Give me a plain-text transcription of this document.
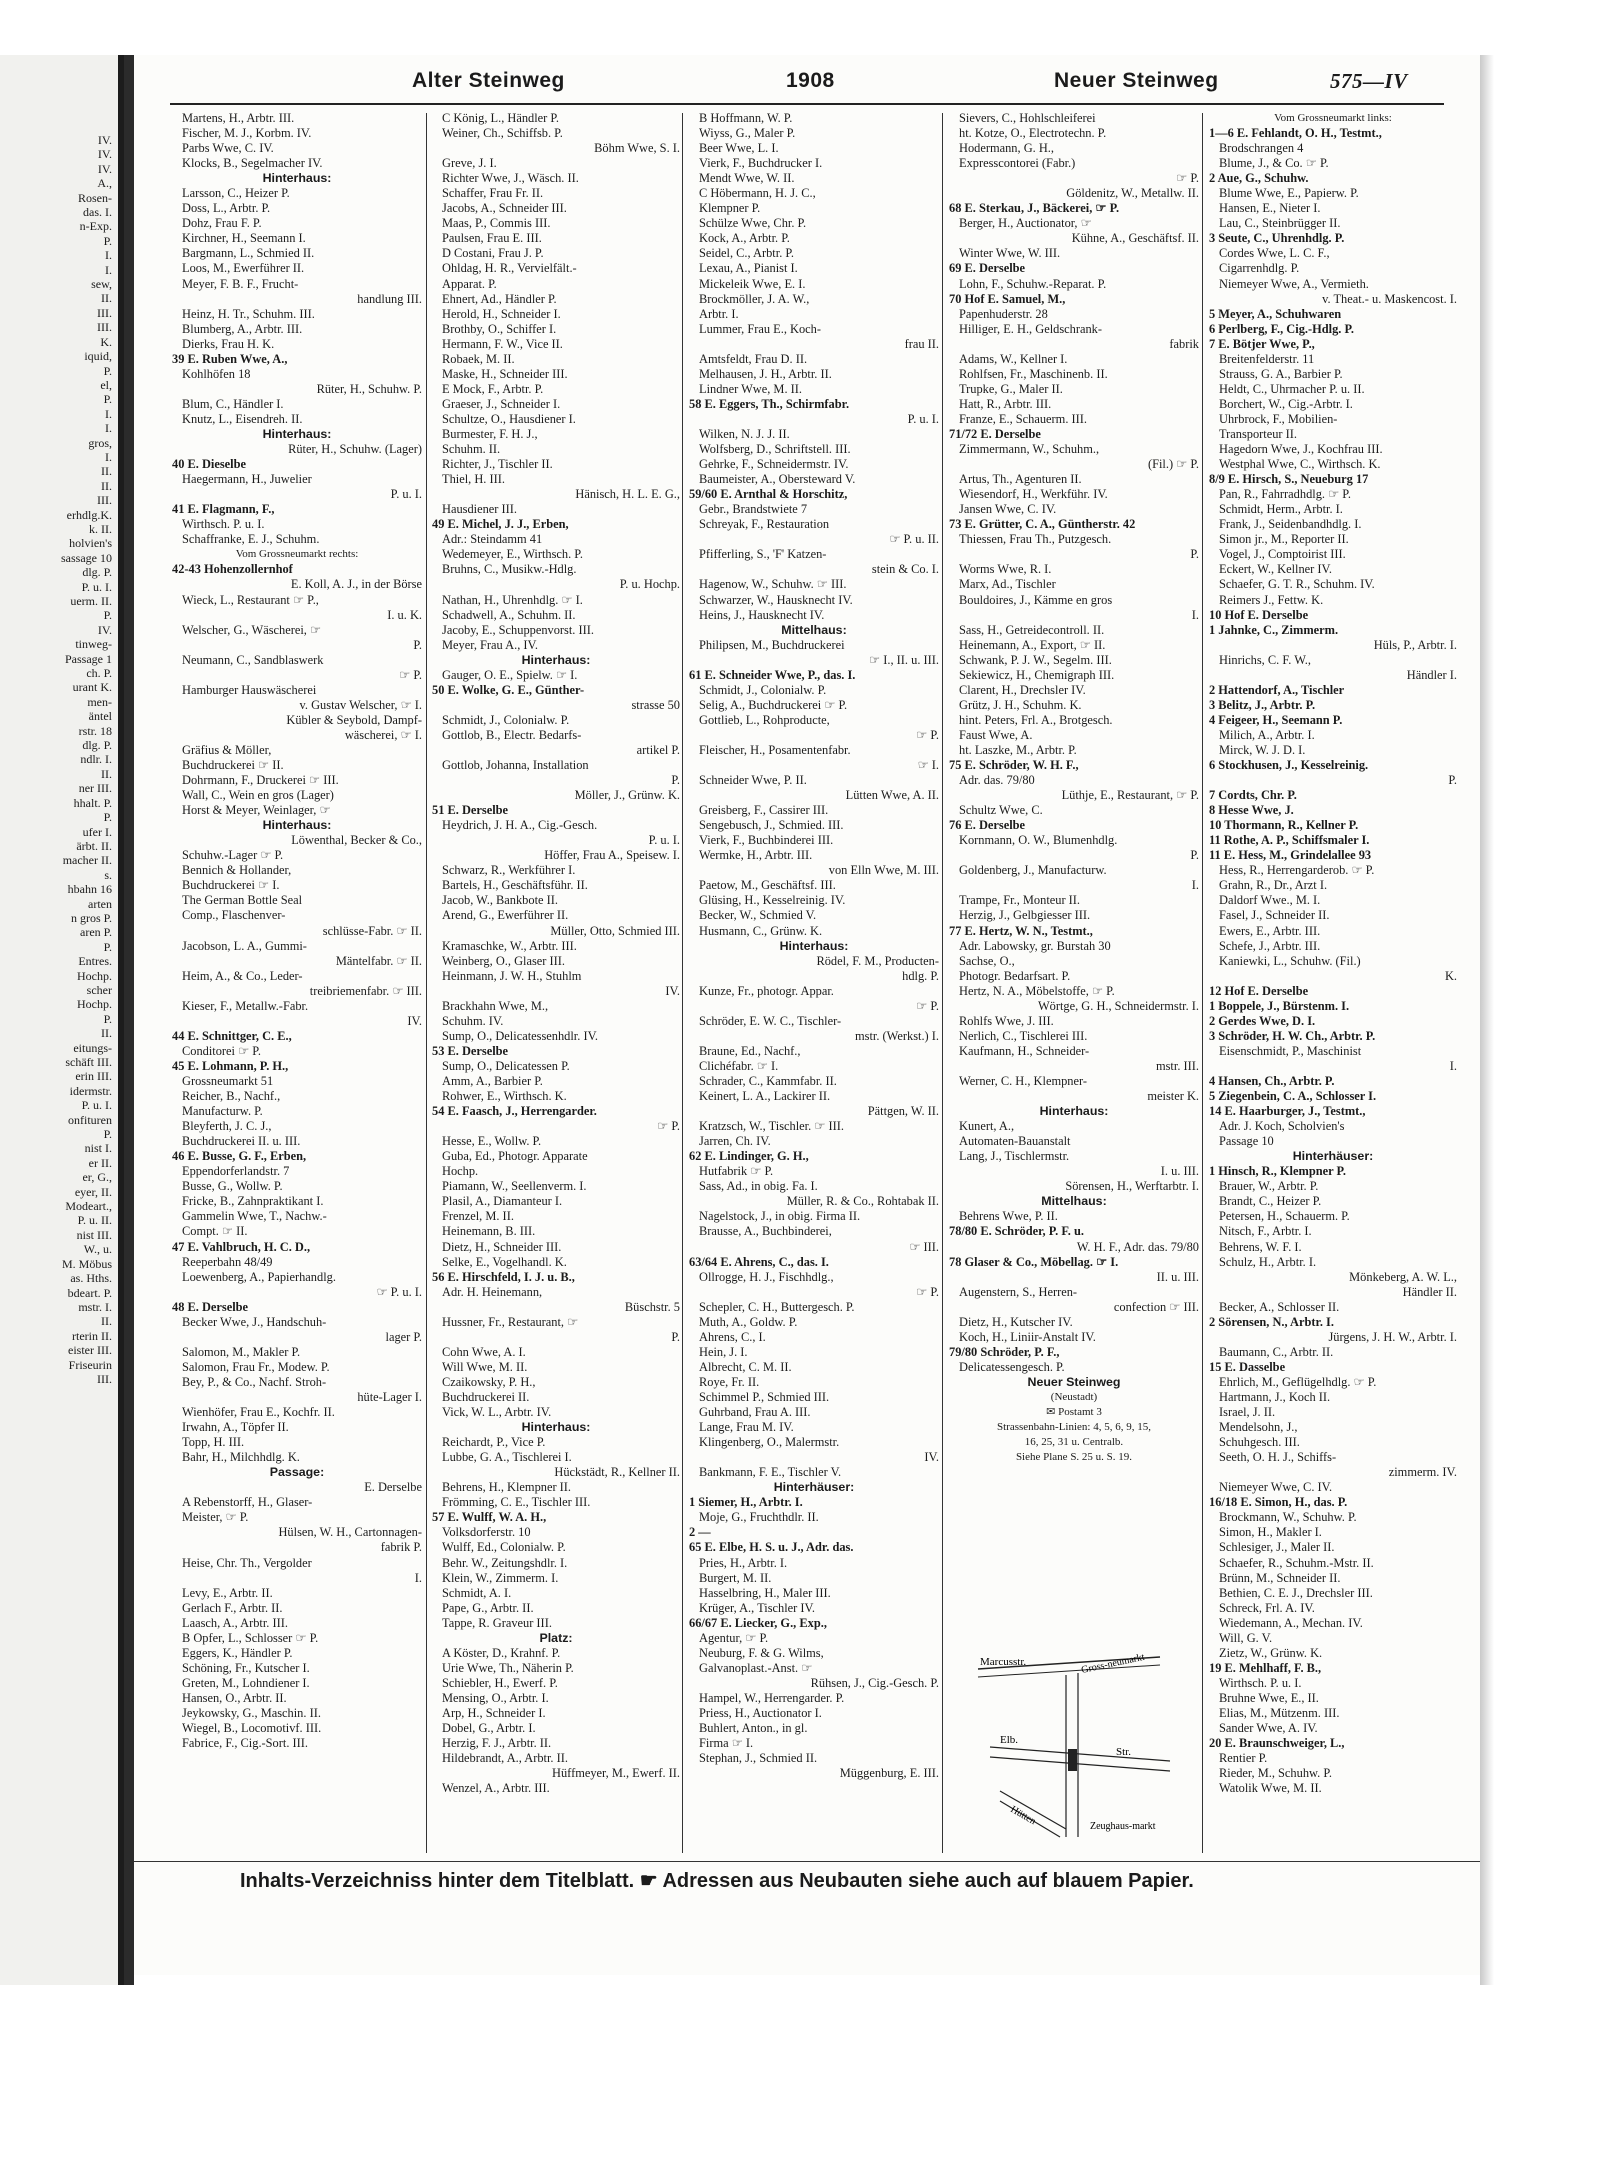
IV.
IV.
IV.
A.,
Rosen-
das. I.
n-Exp.
P.
I.
I.
sew,
II.
III.
III.
K.
iquid,
P.
el,
P.
I.
I.
gros,
I.
II.
II.
III.
erhdlg.K.
k. II.
holvien's
sassage 10
dlg. P.
P. u. I.
uerm. II.
P.
IV.
tinweg-
Passage 1
ch. P.
urant K.
men-
äntel
rstr. 18
dlg. P.
ndlr. I.
II.
ner III.
hhalt. P.
P.
ufer I.
ärbt. II.
macher II.
s.
hbahn 16
arten
n gros P.
aren P.
P.
Entres.
Hochp.
scher
Hochp.
P.
II.
eitungs-
schäft III.
erin III.
idermstr.
P. u. I.
onfituren
P.
nist I.
er II.
er, G.,
eyer, II.
Modeart.,
P. u. II.
nist III.
W., u.
M. Möbus
as. Hths.
bdeart. P.
mstr. I.
II.
rterin II.
eister III.
Friseurin
III.
Alter Steinweg	1908	Neuer Steinweg	575—IV
Martens, H., Arbtr. III.
Fischer, M. J., Korbm. IV.
Parbs Wwe, C. IV.
Klocks, B., Segelmacher IV.
Hinterhaus:
Larsson, C., Heizer P.
Doss, L., Arbtr. P.
Dohz, Frau F. P.
Kirchner, H., Seemann I.
Bargmann, L., Schmied II.
Loos, M., Ewerführer II.
Meyer, F. B. F., Frucht-
handlung III.
Heinz, H. Tr., Schuhm. III.
Blumberg, A., Arbtr. III.
Dierks, Frau H. K.
39 E. Ruben Wwe, A.,
Kohlhöfen 18
Rüter, H., Schuhw. P.
Blum, C., Händler I.
Knutz, L., Eisendreh. II.
Hinterhaus:
Rüter, H., Schuhw. (Lager)
40 E. Dieselbe
Haegermann, H., Juwelier
P. u. I.
41 E. Flagmann, F.,
Wirthsch. P. u. I.
Schaffranke, E. J., Schuhm.
Vom Grossneumarkt rechts:
42-43 Hohenzollernhof
E. Koll, A. J., in der Börse
Wieck, L., Restaurant ☞ P.,
I. u. K.
Welscher, G., Wäscherei, ☞
P.
Neumann, C., Sandblaswerk
☞ P.
Hamburger Hauswäscherei
v. Gustav Welscher, ☞ I.
Kübler & Seybold, Dampf-
wäscherei, ☞ I.
Gräfius & Möller,
Buchdruckerei ☞ II.
Dohrmann, F., Druckerei ☞ III.
Wall, C., Wein en gros (Lager)
Horst & Meyer, Weinlager, ☞
Hinterhaus:
Löwenthal, Becker & Co.,
Schuhw.-Lager ☞ P.
Bennich & Hollander,
Buchdruckerei ☞ I.
The German Bottle Seal
Comp., Flaschenver-
schlüsse-Fabr. ☞ II.
Jacobson, L. A., Gummi-
Mäntelfabr. ☞ II.
Heim, A., & Co., Leder-
treibriemenfabr. ☞ III.
Kieser, F., Metallw.-Fabr.
IV.
44 E. Schnittger, C. E.,
Conditorei ☞ P.
45 E. Lohmann, P. H.,
Grossneumarkt 51
Reicher, B., Nachf.,
Manufacturw. P.
Bleyferth, J. C. J.,
Buchdruckerei II. u. III.
46 E. Busse, G. F., Erben,
Eppendorferlandstr. 7
Busse, G., Wollw. P.
Fricke, B., Zahnpraktikant I.
Gammelin Wwe, T., Nachw.-
Compt. ☞ II.
47 E. Vahlbruch, H. C. D.,
Reeperbahn 48/49
Loewenberg, A., Papierhandlg.
☞ P. u. I.
48 E. Derselbe
Becker Wwe, J., Handschuh-
lager P.
Salomon, M., Makler P.
Salomon, Frau Fr., Modew. P.
Bey, P., & Co., Nachf. Stroh-
hüte-Lager I.
Wienhöfer, Frau E., Kochfr. II.
Irwahn, A., Töpfer II.
Topp, H. III.
Bahr, H., Milchhdlg. K.
Passage:
E. Derselbe
A Rebenstorff, H., Glaser-
Meister, ☞ P.
Hülsen, W. H., Cartonnagen-
fabrik P.
Heise, Chr. Th., Vergolder
I.
Levy, E., Arbtr. II.
Gerlach F., Arbtr. II.
Laasch, A., Arbtr. III.
B Opfer, L., Schlosser ☞ P.
Eggers, K., Händler P.
Schöning, Fr., Kutscher I.
Greten, M., Lohndiener I.
Hansen, O., Arbtr. II.
Jeykowsky, G., Maschin. II.
Wiegel, B., Locomotivf. III.
Fabrice, F., Cig.-Sort. III.
C König, L., Händler P.
Weiner, Ch., Schiffsb. P.
Böhm Wwe, S. I.
Greve, J. I.
Richter Wwe, J., Wäsch. II.
Schaffer, Frau Fr. II.
Jacobs, A., Schneider III.
Maas, P., Commis III.
Paulsen, Frau E. III.
D Costani, Frau J. P.
Ohldag, H. R., Vervielfält.-
Apparat. P.
Ehnert, Ad., Händler P.
Herold, H., Schneider I.
Brothby, O., Schiffer I.
Hermann, F. W., Vice II.
Robaek, M. II.
Maske, H., Schneider III.
E Mock, F., Arbtr. P.
Graeser, J., Schneider I.
Schultze, O., Hausdiener I.
Burmester, F. H. J.,
Schuhm. II.
Richter, J., Tischler II.
Thiel, H. III.
Hänisch, H. L. E. G.,
Hausdiener III.
49 E. Michel, J. J., Erben,
Adr.: Steindamm 41
Wedemeyer, E., Wirthsch. P.
Bruhns, C., Musikw.-Hdlg.
P. u. Hochp.
Nathan, H., Uhrenhdlg. ☞ I.
Schadwell, A., Schuhm. II.
Jacoby, E., Schuppenvorst. III.
Meyer, Frau A., IV.
Hinterhaus:
Gauger, O. E., Spielw. ☞ I.
50 E. Wolke, G. E., Günther-
strasse 50
Schmidt, J., Colonialw. P.
Gottlob, B., Electr. Bedarfs-
artikel P.
Gottlob, Johanna, Installation
P.
Möller, J., Grünw. K.
51 E. Derselbe
Heydrich, J. H. A., Cig.-Gesch.
P. u. I.
Höffer, Frau A., Speisew. I.
Schwarz, R., Werkführer I.
Bartels, H., Geschäftsführ. II.
Jacob, W., Bankbote II.
Arend, G., Ewerführer II.
Müller, Otto, Schmied III.
Kramaschke, W., Arbtr. III.
Weinberg, O., Glaser III.
Heinmann, J. W. H., Stuhlm
IV.
Brackhahn Wwe, M.,
Schuhm. IV.
Sump, O., Delicatessenhdlr. IV.
53 E. Derselbe
Sump, O., Delicatessen P.
Amm, A., Barbier P.
Rohwer, E., Wirthsch. K.
54 E. Faasch, J., Herrengarder.
☞ P.
Hesse, E., Wollw. P.
Guba, Ed., Photogr. Apparate
Hochp.
Piamann, W., Seellenverm. I.
Plasil, A., Diamanteur I.
Frenzel, M. II.
Heinemann, B. III.
Dietz, H., Schneider III.
Selke, E., Vogelhandl. K.
56 E. Hirschfeld, I. J. u. B.,
Adr. H. Heinemann,
Büschstr. 5
Hussner, Fr., Restaurant, ☞
P.
Cohn Wwe, A. I.
Will Wwe, M. II.
Czaikowsky, P. H.,
Buchdruckerei II.
Vick, W. L., Arbtr. IV.
Hinterhaus:
Reichardt, P., Vice P.
Lubbe, G. A., Tischlerei I.
Hückstädt, R., Kellner II.
Behrens, H., Klempner II.
Frömming, C. E., Tischler III.
57 E. Wulff, W. A. H.,
Volksdorferstr. 10
Wulff, Ed., Colonialw. P.
Behr. W., Zeitungshdlr. I.
Klein, W., Zimmerm. I.
Schmidt, A. I.
Pape, G., Arbtr. II.
Tappe, R. Graveur III.
Platz:
A Köster, D., Krahnf. P.
Urie Wwe, Th., Näherin P.
Schiebler, H., Ewerf. P.
Mensing, O., Arbtr. I.
Arp, H., Schneider I.
Dobel, G., Arbtr. I.
Herzig, F. J., Arbtr. II.
Hildebrandt, A., Arbtr. II.
Hüffmeyer, M., Ewerf. II.
Wenzel, A., Arbtr. III.
B Hoffmann, W. P.
Wiyss, G., Maler P.
Beer Wwe, L. I.
Vierk, F., Buchdrucker I.
Mendt Wwe, W. II.
C Höbermann, H. J. C.,
Klempner P.
Schülze Wwe, Chr. P.
Kock, A., Arbtr. P.
Seidel, C., Arbtr. P.
Lexau, A., Pianist I.
Mickeleik Wwe, E. I.
Brockmöller, J. A. W.,
Arbtr. I.
Lummer, Frau E., Koch-
frau II.
Amtsfeldt, Frau D. II.
Melhausen, J. H., Arbtr. II.
Lindner Wwe, M. II.
58 E. Eggers, Th., Schirmfabr.
P. u. I.
Wilken, N. J. J. II.
Wolfsberg, D., Schriftstell. III.
Gehrke, F., Schneidermstr. IV.
Baumeister, A., Obersteward V.
59/60 E. Arnthal & Horschitz,
Gebr., Brandstwiete 7
Schreyak, F., Restauration
☞ P. u. II.
Pfifferling, S., 'F' Katzen-
stein & Co. I.
Hagenow, W., Schuhw. ☞ III.
Schwarzer, W., Hausknecht IV.
Heins, J., Hausknecht IV.
Mittelhaus:
Philipsen, M., Buchdruckerei
☞ I., II. u. III.
61 E. Schneider Wwe, P., das. I.
Schmidt, J., Colonialw. P.
Selig, A., Buchdruckerei ☞ P.
Gottlieb, L., Rohproducte,
☞ P.
Fleischer, H., Posamentenfabr.
☞ I.
Schneider Wwe, P. II.
Lütten Wwe, A. II.
Greisberg, F., Cassirer III.
Sengebusch, J., Schmied. III.
Vierk, F., Buchbinderei III.
Wermke, H., Arbtr. III.
von Elln Wwe, M. III.
Paetow, M., Geschäftsf. III.
Glüsing, H., Kesselreinig. IV.
Becker, W., Schmied V.
Husmann, C., Grünw. K.
Hinterhaus:
Rödel, F. M., Producten-
hdlg. P.
Kunze, Fr., photogr. Appar.
☞ P.
Schröder, E. W. C., Tischler-
mstr. (Werkst.) I.
Braune, Ed., Nachf.,
Clichéfabr. ☞ I.
Schrader, C., Kammfabr. II.
Keinert, L. A., Lackirer II.
Pättgen, W. II.
Kratzsch, W., Tischler. ☞ III.
Jarren, Ch. IV.
62 E. Lindinger, G. H.,
Hutfabrik ☞ P.
Sass, Ad., in obig. Fa. I.
Müller, R. & Co., Rohtabak II.
Nagelstock, J., in obig. Firma II.
Brausse, A., Buchbinderei,
☞ III.
63/64 E. Ahrens, C., das. I.
Ollrogge, H. J., Fischhdlg.,
☞ P.
Schepler, C. H., Buttergesch. P.
Muth, A., Goldw. P.
Ahrens, C., I.
Hein, J. I.
Albrecht, C. M. II.
Roye, Fr. II.
Schimmel P., Schmied III.
Guhrband, Frau A. III.
Lange, Frau M. IV.
Klingenberg, O., Malermstr.
IV.
Bankmann, F. E., Tischler V.
Hinterhäuser:
1 Siemer, H., Arbtr. I.
Moje, G., Fruchthdlr. II.
2 —
65 E. Elbe, H. S. u. J., Adr. das.
Pries, H., Arbtr. I.
Burgert, M. II.
Hasselbring, H., Maler III.
Krüger, A., Tischler IV.
66/67 E. Liecker, G., Exp.,
Agentur, ☞ P.
Neuburg, F. & G. Wilms,
Galvanoplast.-Anst. ☞
Rühsen, J., Cig.-Gesch. P.
Hampel, W., Herrengarder. P.
Priess, H., Auctionator I.
Buhlert, Anton., in gl.
Firma ☞ I.
Stephan, J., Schmied II.
Müggenburg, E. III.
Sievers, C., Hohlschleiferei
ht. Kotze, O., Electrotechn. P.
Hodermann, G. H.,
Expresscontorei (Fabr.)
☞ P.
Göldenitz, W., Metallw. II.
68 E. Sterkau, J., Bäckerei, ☞ P.
Berger, H., Auctionator, ☞
Kühne, A., Geschäftsf. II.
Winter Wwe, W. III.
69 E. Derselbe
Lohn, F., Schuhw.-Reparat. P.
70 Hof E. Samuel, M.,
Papenhuderstr. 28
Hilliger, E. H., Geldschrank-
fabrik
Adams, W., Kellner I.
Rohlfsen, Fr., Maschinenb. II.
Trupke, G., Maler II.
Hatt, R., Arbtr. III.
Franze, E., Schauerm. III.
71/72 E. Derselbe
Zimmermann, W., Schuhm.,
(Fil.) ☞ P.
Artus, Th., Agenturen II.
Wiesendorf, H., Werkführ. IV.
Jansen Wwe, C. IV.
73 E. Grütter, C. A., Güntherstr. 42
Thiessen, Frau Th., Putzgesch.
P.
Worms Wwe, R. I.
Marx, Ad., Tischler
Bouldoires, J., Kämme en gros
I.
Sass, H., Getreidecontroll. II.
Heinemann, A., Export, ☞ II.
Schwank, P. J. W., Segelm. III.
Sekiewicz, H., Chemigraph III.
Clarent, H., Drechsler IV.
Grütz, J. H., Schuhm. K.
hint. Peters, Frl. A., Brotgesch.
Faust Wwe, A.
ht. Laszke, M., Arbtr. P.
75 E. Schröder, W. H. F.,
Adr. das. 79/80
Lüthje, E., Restaurant, ☞ P.
Schultz Wwe, C.
76 E. Derselbe
Kornmann, O. W., Blumenhdlg.
P.
Goldenberg, J., Manufacturw.
I.
Trampe, Fr., Monteur II.
Herzig, J., Gelbgiesser III.
77 E. Hertz, W. N., Testmt.,
Adr. Labowsky, gr. Burstah 30
Sachse, O.,
Photogr. Bedarfsart. P.
Hertz, N. A., Möbelstoffe, ☞ P.
Wörtge, G. H., Schneidermstr. I.
Rohlfs Wwe, J. III.
Nerlich, C., Tischlerei III.
Kaufmann, H., Schneider-
mstr. III.
Werner, C. H., Klempner-
meister K.
Hinterhaus:
Kunert, A.,
Automaten-Bauanstalt
Lang, J., Tischlermstr.
I. u. III.
Sörensen, H., Werftarbtr. I.
Mittelhaus:
Behrens Wwe, P. II.
78/80 E. Schröder, P. F. u.
W. H. F., Adr. das. 79/80
78 Glaser & Co., Möbellag. ☞ I.
II. u. III.
Augenstern, S., Herren-
confection ☞ III.
Dietz, H., Kutscher IV.
Koch, H., Liniir-Anstalt IV.
79/80 Schröder, P. F.,
Delicatessengesch. P.
Neuer Steinweg
(Neustadt)
✉ Postamt 3
Strassenbahn-Linien: 4, 5, 6, 9, 15,
16, 25, 31 u. Centralb.
Siehe Plane S. 25 u. S. 19.
Vom Grossneumarkt links:
1—6 E. Fehlandt, O. H., Testmt.,
Brodschrangen 4
Blume, J., & Co. ☞ P.
2 Aue, G., Schuhw.
Blume Wwe, E., Papierw. P.
Hansen, E., Nieter I.
Lau, C., Steinbrügger II.
3 Seute, C., Uhrenhdlg. P.
Cordes Wwe, L. C. F.,
Cigarrenhdlg. P.
Niemeyer Wwe, A., Vermieth.
v. Theat.- u. Maskencost. I.
5 Meyer, A., Schuhwaren
6 Perlberg, F., Cig.-Hdlg. P.
7 E. Bötjer Wwe, P.,
Breitenfelderstr. 11
Strauss, G. A., Barbier P.
Heldt, C., Uhrmacher P. u. II.
Borchert, W., Cig.-Arbtr. I.
Uhrbrock, F., Mobilien-
Transporteur II.
Hagedorn Wwe, J., Kochfrau III.
Westphal Wwe, C., Wirthsch. K.
8/9 E. Hirsch, S., Neueburg 17
Pan, R., Fahrradhdlg. ☞ P.
Schmidt, Herm., Arbtr. I.
Frank, J., Seidenbandhdlg. I.
Simon jr., M., Reporter II.
Vogel, J., Comptoirist III.
Eckert, W., Kellner IV.
Schaefer, G. T. R., Schuhm. IV.
Reimers J., Fettw. K.
10 Hof E. Derselbe
1 Jahnke, C., Zimmerm.
Hüls, P., Arbtr. I.
Hinrichs, C. F. W.,
Händler I.
2 Hattendorf, A., Tischler
3 Belitz, J., Arbtr. P.
4 Feigeer, H., Seemann P.
Milich, A., Arbtr. I.
Mirck, W. J. D. I.
6 Stockhusen, J., Kesselreinig.
P.
7 Cordts, Chr. P.
8 Hesse Wwe, J.
10 Thormann, R., Kellner P.
11 Rothe, A. P., Schiffsmaler I.
11 E. Hess, M., Grindelallee 93
Hess, R., Herrengarderob. ☞ P.
Grahn, R., Dr., Arzt I.
Daldorf Wwe., M. I.
Fasel, J., Schneider II.
Ewers, E., Arbtr. III.
Schefe, J., Arbtr. III.
Kaniewki, L., Schuhw. (Fil.)
K.
12 Hof E. Derselbe
1 Boppele, J., Bürstenm. I.
2 Gerdes Wwe, D. I.
3 Schröder, H. W. Ch., Arbtr. P.
Eisenschmidt, P., Maschinist
I.
4 Hansen, Ch., Arbtr. P.
5 Ziegenbein, C. A., Schlosser I.
14 E. Haarburger, J., Testmt.,
Adr. J. Koch, Scholvien's
Passage 10
Hinterhäuser:
1 Hinsch, R., Klempner P.
Brauer, W., Arbtr. P.
Brandt, C., Heizer P.
Petersen, H., Schauerm. P.
Nitsch, F., Arbtr. I.
Behrens, W. F. I.
Schulz, H., Arbtr. I.
Mönkeberg, A. W. L.,
Händler II.
Becker, A., Schlosser II.
2 Sörensen, N., Arbtr. I.
Jürgens, J. H. W., Arbtr. I.
Baumann, C., Arbtr. II.
15 E. Dasselbe
Ehrlich, M., Geflügelhdlg. ☞ P.
Hartmann, J., Koch II.
Israel, J. II.
Mendelsohn, J.,
Schuhgesch. III.
Seeth, O. H. J., Schiffs-
zimmerm. IV.
Niemeyer Wwe, C. IV.
16/18 E. Simon, H., das. P.
Brockmann, W., Schuhw. P.
Simon, H., Makler I.
Schlesiger, J., Maler II.
Schaefer, R., Schuhm.-Mstr. II.
Brünn, M., Schneider II.
Bethien, C. E. J., Drechsler III.
Schreck, Frl. A. IV.
Wiedemann, A., Mechan. IV.
Will, G. V.
Zietz, W., Grünw. K.
19 E. Mehlhaff, F. B.,
Wirthsch. P. u. I.
Bruhne Wwe, E., II.
Elias, M., Mützenm. III.
Sander Wwe, A. IV.
20 E. Braunschweiger, L.,
Rentier P.
Rieder, M., Schuhw. P.
Watolik Wwe, M. II.
Marcusstr.	Gross-neumarkt
Elb.
Str.
Hütten	Zeughaus-markt
Inhalts-Verzeichniss hinter dem Titelblatt. ☛ Adressen aus Neubauten siehe auch auf blauem Papier.
